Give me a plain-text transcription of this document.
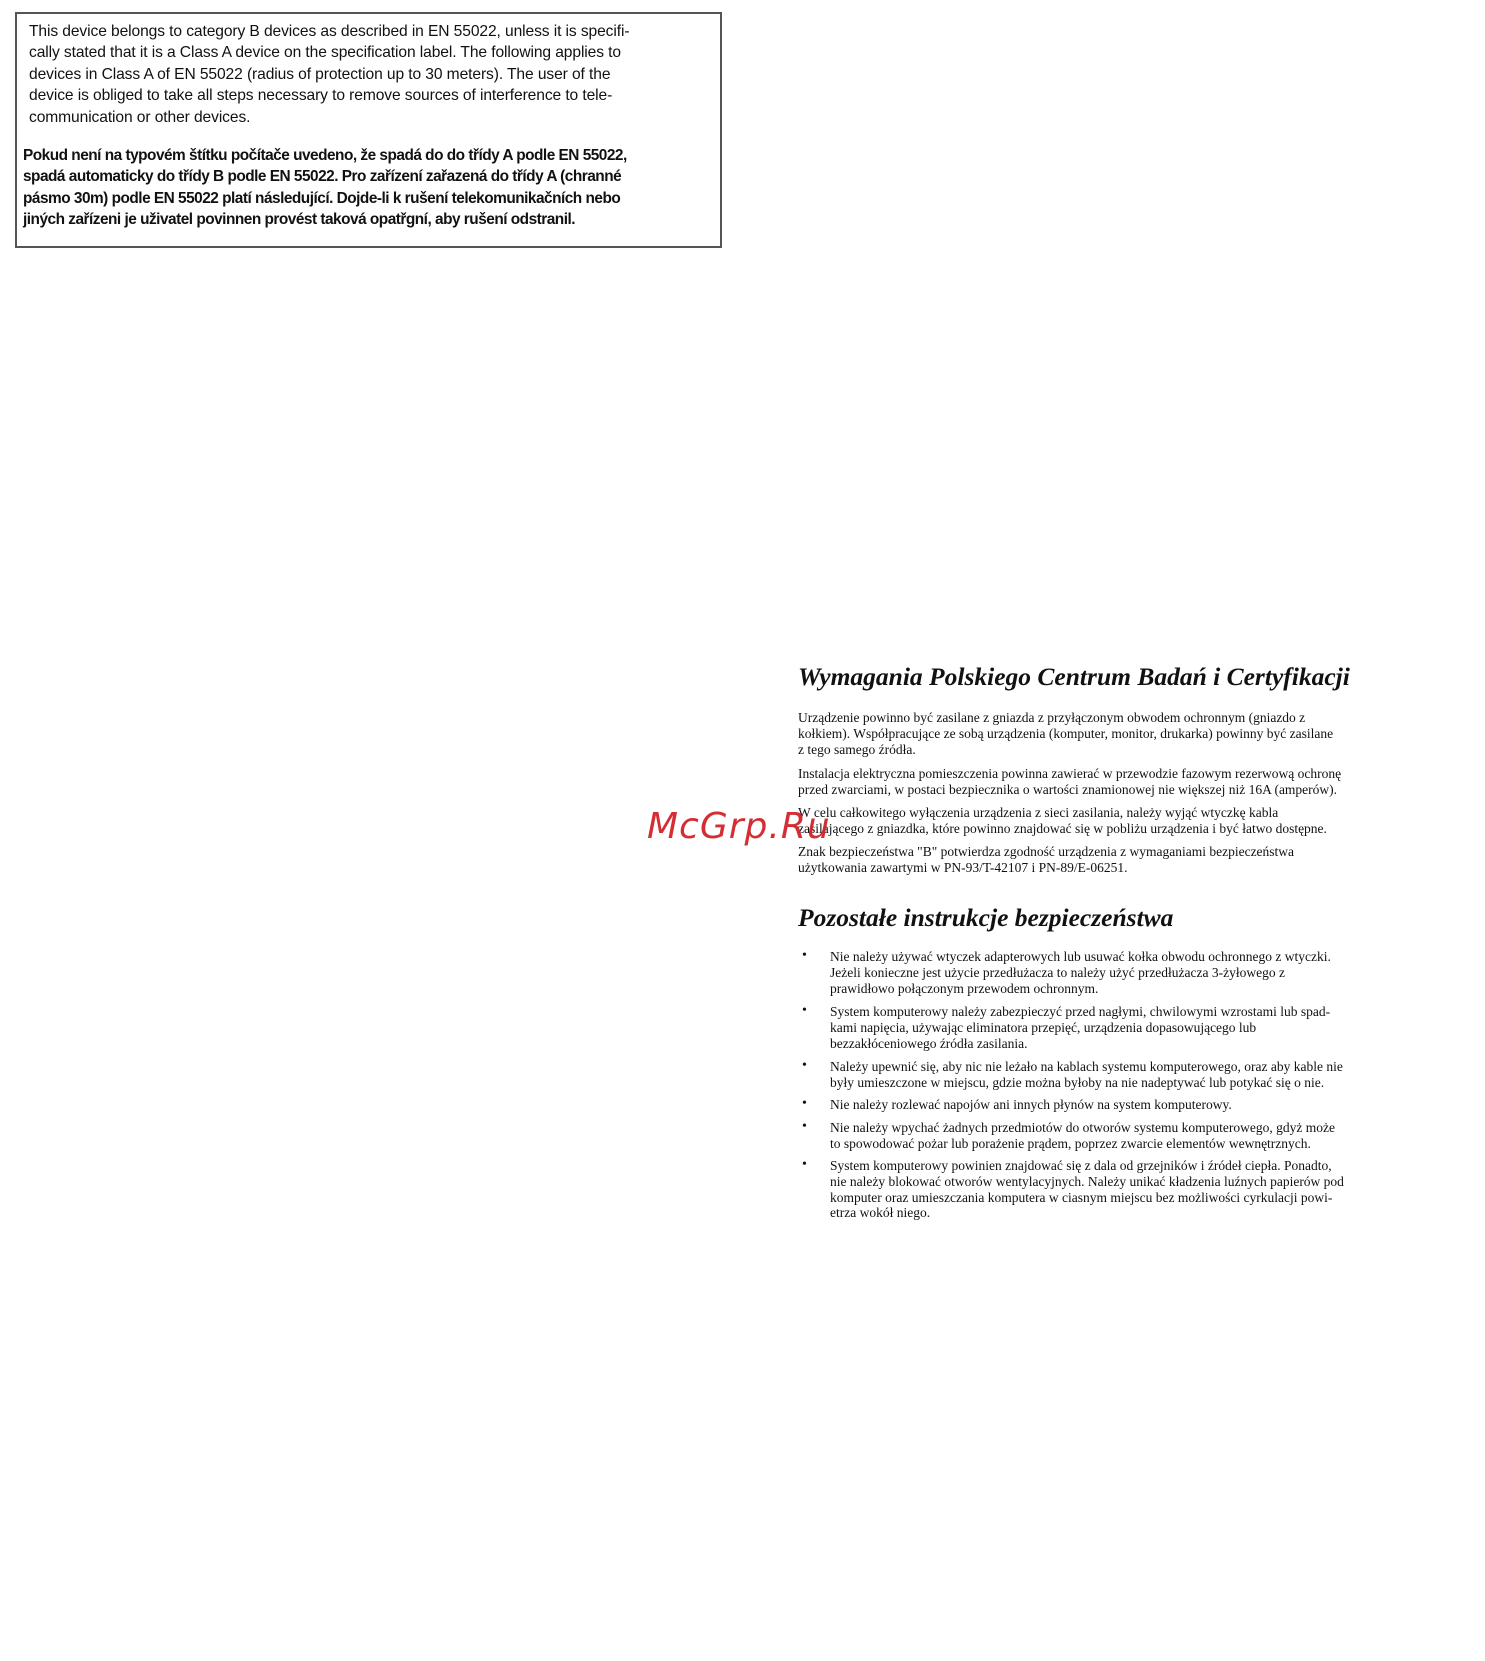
This device belongs to category B devices as described in EN 55022, unless it is specifi-
cally stated that it is a Class A device on the specification label. The following applies to
devices in Class A of EN 55022 (radius of protection up to 30 meters). The user of the
device is obliged to take all steps necessary to remove sources of interference to tele-
communication or other devices.

Pokud není na typovém štítku počítače uvedeno, že spadá do do třídy A podle EN 55022,
spadá automaticky do třídy B podle EN 55022. Pro zařízení zařazená do třídy A (chranné
pásmo 30m) podle EN 55022 platí následující. Dojde-li k rušení telekomunikačních nebo
jiných zařízeni je uživatel povinnen provést taková opatřgní, aby rušení odstranil.

Wymagania Polskiego Centrum Badań i Certyfikacji

Urządzenie powinno być zasilane z gniazda z przyłączonym obwodem ochronnym (gniazdo z
kołkiem). Współpracujące ze sobą urządzenia (komputer, monitor, drukarka) powinny być zasilane
z tego samego źródła.

Instalacja elektryczna pomieszczenia powinna zawierać w przewodzie fazowym rezerwową ochronę
przed zwarciami, w postaci bezpiecznika o wartości znamionowej nie większej niż 16A (amperów).

W celu całkowitego wyłączenia urządzenia z sieci zasilania, należy wyjąć wtyczkę kabla
zasilającego z gniazdka, które powinno znajdować się w pobliżu urządzenia i być łatwo dostępne.

Znak bezpieczeństwa "B" potwierdza zgodność urządzenia z wymaganiami bezpieczeństwa
użytkowania zawartymi w PN-93/T-42107 i PN-89/E-06251.

Pozostałe instrukcje bezpieczeństwa
• Nie należy używać wtyczek adapterowych lub usuwać kołka obwodu ochronnego z wtyczki.
Jeżeli konieczne jest użycie przedłużacza to należy użyć przedłużacza 3-żyłowego z
prawidłowo połączonym przewodem ochronnym.
• System komputerowy należy zabezpieczyć przed nagłymi, chwilowymi wzrostami lub spad-
kami napięcia, używając eliminatora przepięć, urządzenia dopasowującego lub
bezzakłóceniowego źródła zasilania.
• Należy upewnić się, aby nic nie leżało na kablach systemu komputerowego, oraz aby kable nie
były umieszczone w miejscu, gdzie można byłoby na nie nadeptywać lub potykać się o nie.
• Nie należy rozlewać napojów ani innych płynów na system komputerowy.
• Nie należy wpychać żadnych przedmiotów do otworów systemu komputerowego, gdyż może
to spowodować pożar lub porażenie prądem, poprzez zwarcie elementów wewnętrznych.
• System komputerowy powinien znajdować się z dala od grzejników i źródeł ciepła. Ponadto,
nie należy blokować otworów wentylacyjnych. Należy unikać kładzenia luźnych papierów pod
komputer oraz umieszczania komputera w ciasnym miejscu bez możliwości cyrkulacji powi-
etrza wokół niego.
McGrp.Ru
